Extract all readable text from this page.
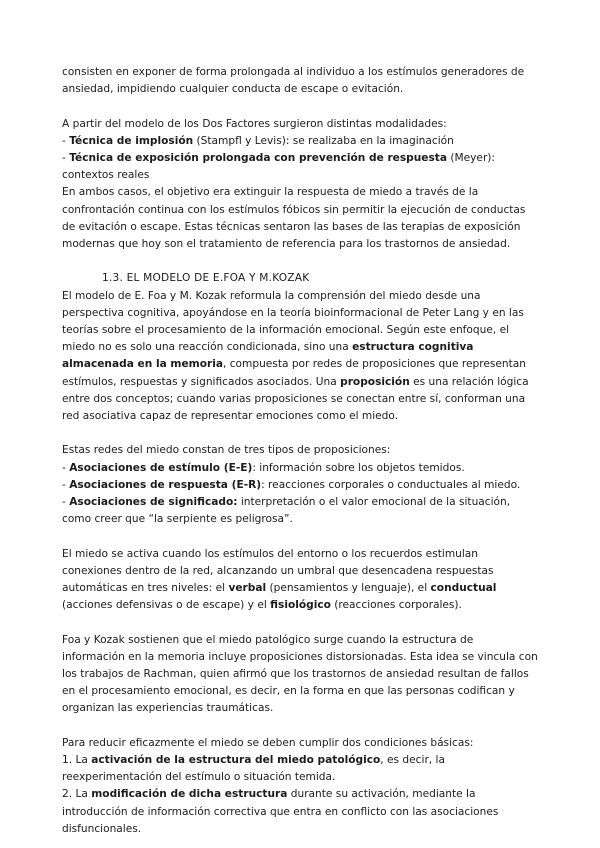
consisten en exponer de forma prolongada al individuo a los estímulos generadores de ansiedad, impidiendo cualquier conducta de escape o evitación.

A partir del modelo de los Dos Factores surgieron distintas modalidades:

- Técnica de implosión (Stampfl y Levis): se realizaba en la imaginación

- Técnica de exposición prolongada con prevención de respuesta (Meyer): contextos reales

En ambos casos, el objetivo era extinguir la respuesta de miedo a través de la confrontación continua con los estímulos fóbicos sin permitir la ejecución de conductas de evitación o escape. Estas técnicas sentaron las bases de las terapias de exposición modernas que hoy son el tratamiento de referencia para los trastornos de ansiedad.

1.3. EL MODELO DE E.FOA Y M.KOZAK

El modelo de E. Foa y M. Kozak reformula la comprensión del miedo desde una perspectiva cognitiva, apoyándose en la teoría bioinformacional de Peter Lang y en las teorías sobre el procesamiento de la información emocional. Según este enfoque, el miedo no es solo una reacción condicionada, sino una estructura cognitiva almacenada en la memoria, compuesta por redes de proposiciones que representan estímulos, respuestas y significados asociados. Una proposición es una relación lógica entre dos conceptos; cuando varias proposiciones se conectan entre sí, conforman una red asociativa capaz de representar emociones como el miedo.

Estas redes del miedo constan de tres tipos de proposiciones:

- Asociaciones de estímulo (E-E): información sobre los objetos temidos.

- Asociaciones de respuesta (E-R): reacciones corporales o conductuales al miedo.

- Asociaciones de significado: interpretación o el valor emocional de la situación, como creer que “la serpiente es peligrosa”.

El miedo se activa cuando los estímulos del entorno o los recuerdos estimulan conexiones dentro de la red, alcanzando un umbral que desencadena respuestas automáticas en tres niveles: el verbal (pensamientos y lenguaje), el conductual (acciones defensivas o de escape) y el fisiológico (reacciones corporales).

Foa y Kozak sostienen que el miedo patológico surge cuando la estructura de información en la memoria incluye proposiciones distorsionadas. Esta idea se vincula con los trabajos de Rachman, quien afirmó que los trastornos de ansiedad resultan de fallos en el procesamiento emocional, es decir, en la forma en que las personas codifican y organizan las experiencias traumáticas.

Para reducir eficazmente el miedo se deben cumplir dos condiciones básicas:

1. La activación de la estructura del miedo patológico, es decir, la reexperimentación del estímulo o situación temida.

2. La modificación de dicha estructura durante su activación, mediante la introducción de información correctiva que entra en conflicto con las asociaciones disfuncionales.
